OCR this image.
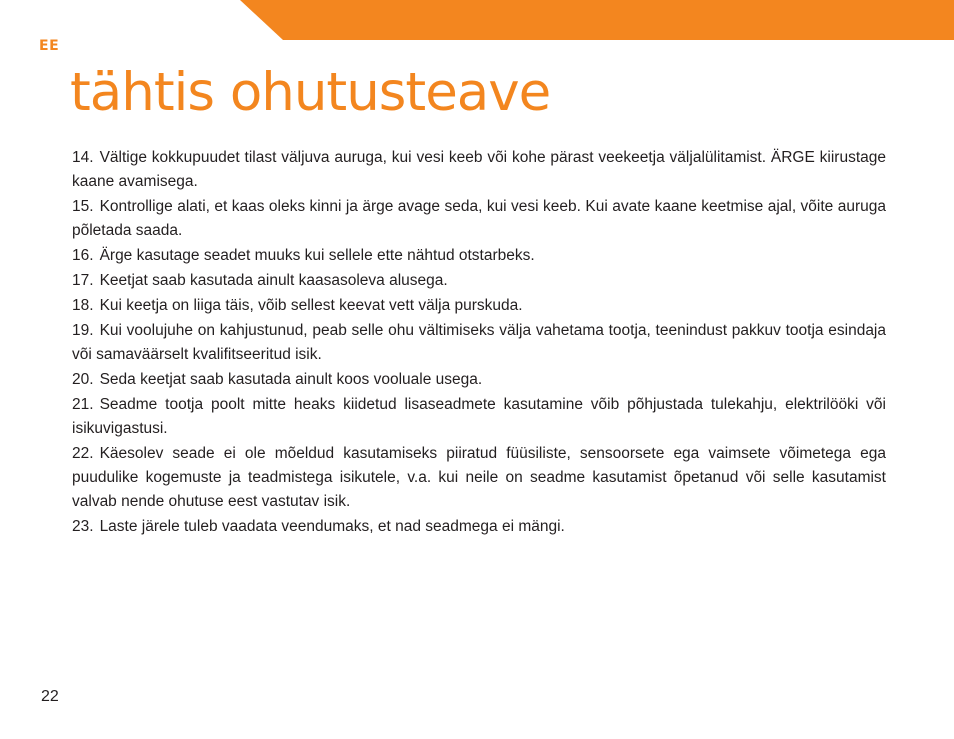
EE
tähtis ohutusteave
14. Vältige kokkupuudet tilast väljuva auruga, kui vesi keeb või kohe pärast veekeetja väljalülitamist. ÄRGE kiirustage kaane avamisega.
15. Kontrollige alati, et kaas oleks kinni ja ärge avage seda, kui vesi keeb. Kui avate kaane keetmise ajal, võite auruga põletada saada.
16. Ärge kasutage seadet muuks kui sellele ette nähtud otstarbeks.
17. Keetjat saab kasutada ainult kaasasoleva alusega.
18. Kui keetja on liiga täis, võib sellest keevat vett välja purskuda.
19. Kui voolujuhe on kahjustunud, peab selle ohu vältimiseks välja vahetama tootja, teenindust pakkuv tootja esindaja või samaväärselt kvalifitseeritud isik.
20. Seda keetjat saab kasutada ainult koos vooluale usega.
21. Seadme tootja poolt mitte heaks kiidetud lisaseadmete kasutamine võib põhjustada tulekahju, elektrilööki või isikuvigastusi.
22. Käesolev seade ei ole mõeldud kasutamiseks piiratud füüsiliste, sensoorsete ega vaimsete võimetega ega puudulike kogemuste ja teadmistega isikutele, v.a. kui neile on seadme kasutamist õpetanud või selle kasutamist valvab nende ohutuse eest vastutav isik.
23. Laste järele tuleb vaadata veendumaks, et nad seadmega ei mängi.
22
